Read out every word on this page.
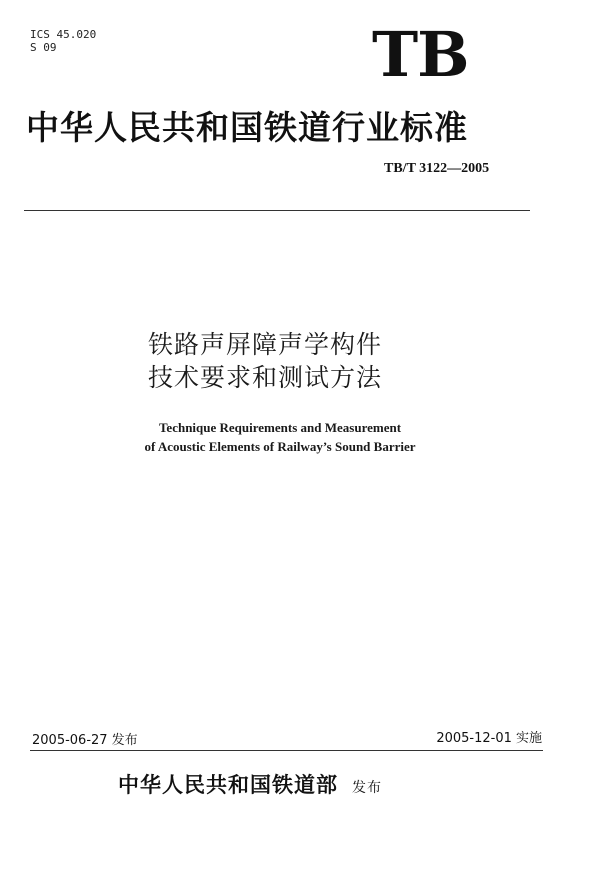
ICS 45.020
S 09	TB
中华人民共和国铁道行业标准
TB/T 3122—2005
铁路声屏障声学构件
技术要求和测试方法
Technique Requirements and Measurement
of Acoustic Elements of Railway’s Sound Barrier
2005-06-27 发布	2005-12-01 实施
中华人民共和国铁道部 发布
